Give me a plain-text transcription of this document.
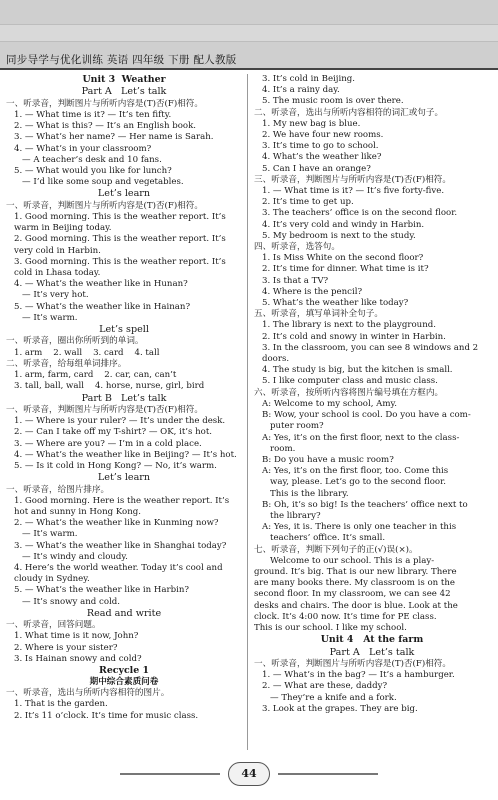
同步导学与优化训练 英语 四年级 下册 配人教版
Unit 3  Weather
Part A   Let’s talk
一、听录音，判断图片与所听内容是(T)否(F)相符。
1. — What time is it? — It’s ten fifty.
2. — What is this? — It’s an English book.
3. — What’s her name? — Her name is Sarah.
4. — What’s in your classroom?
— A teacher’s desk and 10 fans.
5. — What would you like for lunch?
— I’d like some soup and vegetables.
Let’s learn
一、听录音，判断图片与所听内容是(T)否(F)相符。
1. Good morning. This is the weather report. It’s
warm in Beijing today.
2. Good morning. This is the weather report. It’s
very cold in Harbin.
3. Good morning. This is the weather report. It’s
cold in Lhasa today.
4. — What’s the weather like in Hunan?
— It’s very hot.
5. — What’s the weather like in Hainan?
— It’s warm.
Let’s spell
一、听录音，圈出你所听到的单词。
1. arm    2. wall    3. card    4. tall
二、听录音，给每组单词排序。
1. arm, farm, card    2. car, can, can’t
3. tall, ball, wall    4. horse, nurse, girl, bird
Part B   Let’s talk
一、听录音，判断图片与所听内容是(T)否(F)相符。
1. — Where is your ruler? — It’s under the desk.
2. — Can I take off my T-shirt? — OK, it’s hot.
3. — Where are you? — I’m in a cold place.
4. — What’s the weather like in Beijing? — It’s hot.
5. — Is it cold in Hong Kong? — No, it’s warm.
Let’s learn
一、听录音，给图片排序。
1. Good morning. Here is the weather report. It’s
hot and sunny in Hong Kong.
2. — What’s the weather like in Kunming now?
— It’s warm.
3. — What’s the weather like in Shanghai today?
— It’s windy and cloudy.
4. Here’s the world weather. Today it’s cool and
cloudy in Sydney.
5. — What’s the weather like in Harbin?
— It’s snowy and cold.
Read and write
一、听录音，回答问题。
1. What time is it now, John?
2. Where is your sister?
3. Is Hainan snowy and cold?
Recycle 1
期中综合素质问卷
一、听录音，选出与所听内容相符的图片。
1. That is the garden.
2. It’s 11 o’clock. It’s time for music class.
3. It’s cold in Beijing.
4. It’s a rainy day.
5. The music room is over there.
二、听录音，选出与所听内容相符的词汇或句子。
1. My new bag is blue.
2. We have four new rooms.
3. It’s time to go to school.
4. What’s the weather like?
5. Can I have an orange?
三、听录音，判断图片与所听内容是(T)否(F)相符。
1. — What time is it? — It’s five forty-five.
2. It’s time to get up.
3. The teachers’ office is on the second floor.
4. It’s very cold and windy in Harbin.
5. My bedroom is next to the study.
四、听录音，选答句。
1. Is Miss White on the second floor?
2. It’s time for dinner. What time is it?
3. Is that a TV?
4. Where is the pencil?
5. What’s the weather like today?
五、听录音，填写单词补全句子。
1. The library is next to the playground.
2. It’s cold and snowy in winter in Harbin.
3. In the classroom, you can see 8 windows and 2
doors.
4. The study is big, but the kitchen is small.
5. I like computer class and music class.
六、听录音，按所听内容将图片编号填在方框内。
A: Welcome to my school, Amy.
B: Wow, your school is cool. Do you have a com-
puter room?
A: Yes, it’s on the first floor, next to the class-
room.
B: Do you have a music room?
A: Yes, it’s on the first floor, too. Come this
way, please. Let’s go to the second floor.
This is the library.
B: Oh, it’s so big! Is the teachers’ office next to
the library?
A: Yes, it is. There is only one teacher in this
teachers’ office. It’s small.
七、听录音，判断下列句子的正(√)误(×)。
Welcome to our school. This is a play-
ground. It’s big. That is our new library. There
are many books there. My classroom is on the
second floor. In my classroom, we can see 42
desks and chairs. The door is blue. Look at the
clock. It’s 4:00 now. It’s time for PE class.
This is our school. I like my school.
Unit 4   At the farm
Part A   Let’s talk
一、听录音，判断图片与所听内容是(T)否(F)相符。
1. — What’s in the bag? — It’s a hamburger.
2. — What are these, daddy?
— They’re a knife and a fork.
3. Look at the grapes. They are big.
44
